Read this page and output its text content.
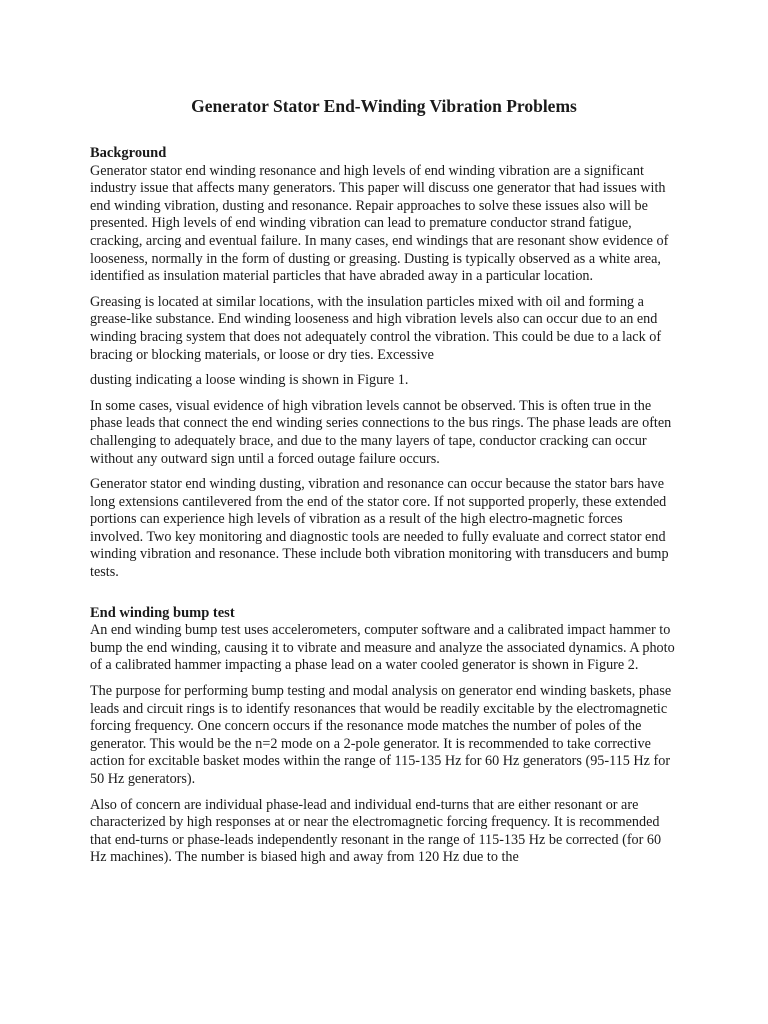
Generator Stator End-Winding Vibration Problems
Background

Generator stator end winding resonance and high levels of end winding vibration are a significant industry issue that affects many generators. This paper will discuss one generator that had issues with end winding vibration, dusting and resonance. Repair approaches to solve these issues also will be presented. High levels of end winding vibration can lead to premature conductor strand fatigue, cracking, arcing and eventual failure. In many cases, end windings that are resonant show evidence of looseness, normally in the form of dusting or greasing. Dusting is typically observed as a white area, identified as insulation material particles that have abraded away in a particular location.

Greasing is located at similar locations, with the insulation particles mixed with oil and forming a grease-like substance. End winding looseness and high vibration levels also can occur due to an end winding bracing system that does not adequately control the vibration. This could be due to a lack of bracing or blocking materials, or loose or dry ties. Excessive

dusting indicating a loose winding is shown in Figure 1.

In some cases, visual evidence of high vibration levels cannot be observed. This is often true in the phase leads that connect the end winding series connections to the bus rings. The phase leads are often challenging to adequately brace, and due to the many layers of tape, conductor cracking can occur without any outward sign until a forced outage failure occurs.

Generator stator end winding dusting, vibration and resonance can occur because the stator bars have long extensions cantilevered from the end of the stator core. If not supported properly, these extended portions can experience high levels of vibration as a result of the high electro-magnetic forces involved. Two key monitoring and diagnostic tools are needed to fully evaluate and correct stator end winding vibration and resonance. These include both vibration monitoring with transducers and bump tests.

End winding bump test

An end winding bump test uses accelerometers, computer software and a calibrated impact hammer to bump the end winding, causing it to vibrate and measure and analyze the associated dynamics. A photo of a calibrated hammer impacting a phase lead on a water cooled generator is shown in Figure 2.

The purpose for performing bump testing and modal analysis on generator end winding baskets, phase leads and circuit rings is to identify resonances that would be readily excitable by the electromagnetic forcing frequency. One concern occurs if the resonance mode matches the number of poles of the generator. This would be the n=2 mode on a 2-pole generator. It is recommended to take corrective action for excitable basket modes within the range of 115-135 Hz for 60 Hz generators (95-115 Hz for 50 Hz generators).

Also of concern are individual phase-lead and individual end-turns that are either resonant or are characterized by high responses at or near the electromagnetic forcing frequency. It is recommended that end-turns or phase-leads independently resonant in the range of 115-135 Hz be corrected (for 60 Hz machines). The number is biased high and away from 120 Hz due to the
